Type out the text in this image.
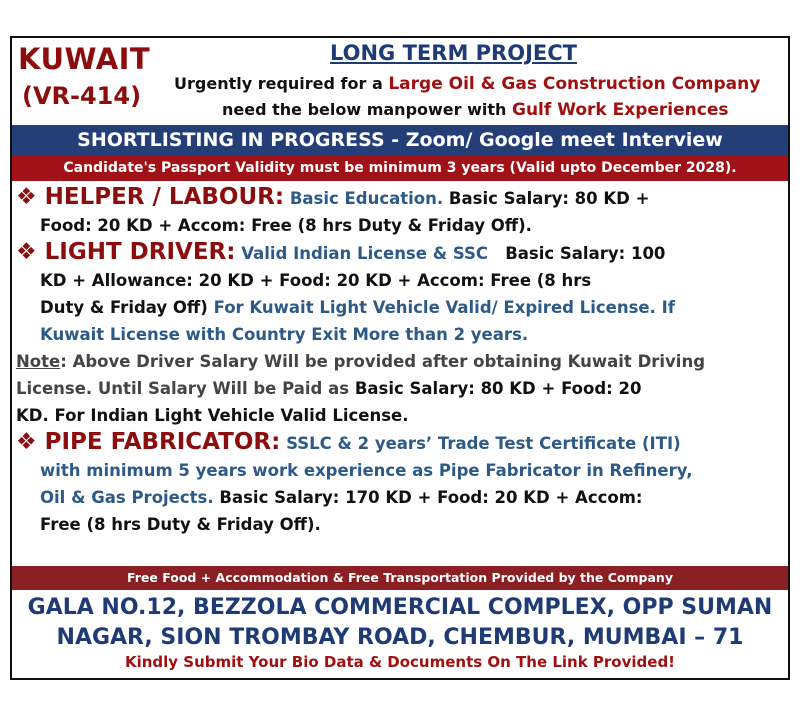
KUWAIT
(VR-414)
LONG TERM PROJECT
Urgently required for a Large Oil & Gas Construction Company
need the below manpower with Gulf Work Experiences
SHORTLISTING IN PROGRESS - Zoom/ Google meet Interview
Candidate's Passport Validity must be minimum 3 years (Valid upto December 2028).

❖ HELPER / LABOUR: Basic Education. Basic Salary: 80 KD +

Food: 20 KD + Accom: Free (8 hrs Duty & Friday Off).

❖ LIGHT DRIVER: Valid Indian License & SSC Basic Salary: 100

KD + Allowance: 20 KD + Food: 20 KD + Accom: Free (8 hrs

Duty & Friday Off) For Kuwait Light Vehicle Valid/ Expired License. If

Kuwait License with Country Exit More than 2 years.

Note: Above Driver Salary Will be provided after obtaining Kuwait Driving

License. Until Salary Will be Paid as Basic Salary: 80 KD + Food: 20

KD. For Indian Light Vehicle Valid License.

❖ PIPE FABRICATOR: SSLC & 2 years’ Trade Test Certificate (ITI)

with minimum 5 years work experience as Pipe Fabricator in Refinery,

Oil & Gas Projects. Basic Salary: 170 KD + Food: 20 KD + Accom:

Free (8 hrs Duty & Friday Off).

Free Food + Accommodation & Free Transportation Provided by the Company
GALA NO.12, BEZZOLA COMMERCIAL COMPLEX, OPP SUMAN
NAGAR, SION TROMBAY ROAD, CHEMBUR, MUMBAI – 71
Kindly Submit Your Bio Data & Documents On The Link Provided!
